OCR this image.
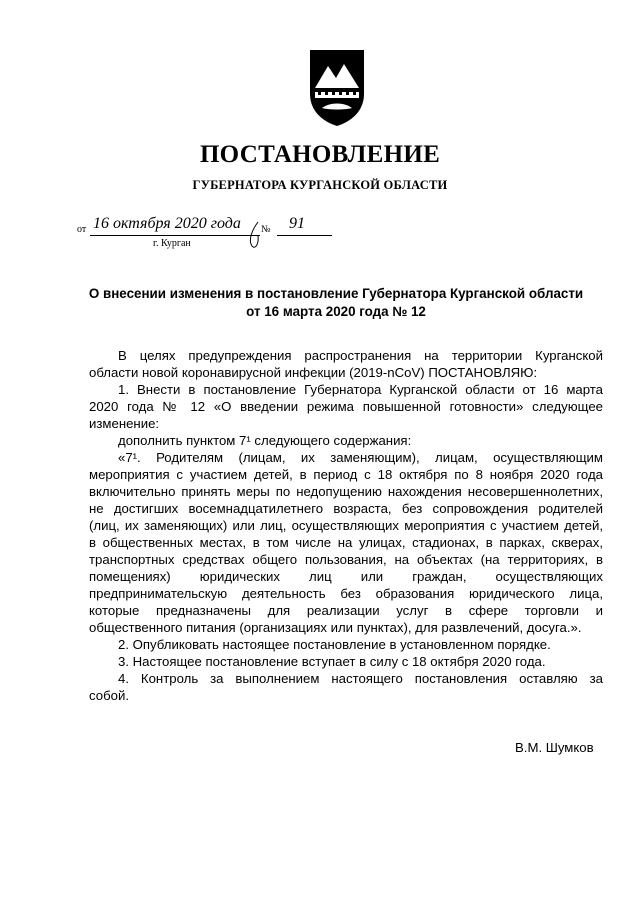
ПОСТАНОВЛЕНИЕ
ГУБЕРНАТОРА КУРГАНСКОЙ ОБЛАСТИ
от 16 октября 2020 года № 91
г. Курган
О внесении изменения в постановление Губернатора Курганской области
от 16 марта 2020 года № 12
В целях предупреждения распространения на территории Курганской
области новой коронавирусной инфекции (2019-nCoV) ПОСТАНОВЛЯЮ:
1. Внести в постановление Губернатора Курганской области от 16 марта
2020 года № 12 «О введении режима повышенной готовности» следующее
изменение:
дополнить пунктом 7¹ следующего содержания:
«7¹. Родителям (лицам, их заменяющим), лицам, осуществляющим
мероприятия с участием детей, в период с 18 октября по 8 ноября 2020 года
включительно принять меры по недопущению нахождения несовершеннолетних,
не достигших восемнадцатилетнего возраста, без сопровождения родителей
(лиц, их заменяющих) или лиц, осуществляющих мероприятия с участием детей,
в общественных местах, в том числе на улицах, стадионах, в парках, скверах,
транспортных средствах общего пользования, на объектах (на территориях, в
помещениях) юридических лиц или граждан, осуществляющих
предпринимательскую деятельность без образования юридического лица,
которые предназначены для реализации услуг в сфере торговли и
общественного питания (организациях или пунктах), для развлечений, досуга.».
2. Опубликовать настоящее постановление в установленном порядке.
3. Настоящее постановление вступает в силу с 18 октября 2020 года.
4. Контроль за выполнением настоящего постановления оставляю за
собой.
В.М. Шумков
